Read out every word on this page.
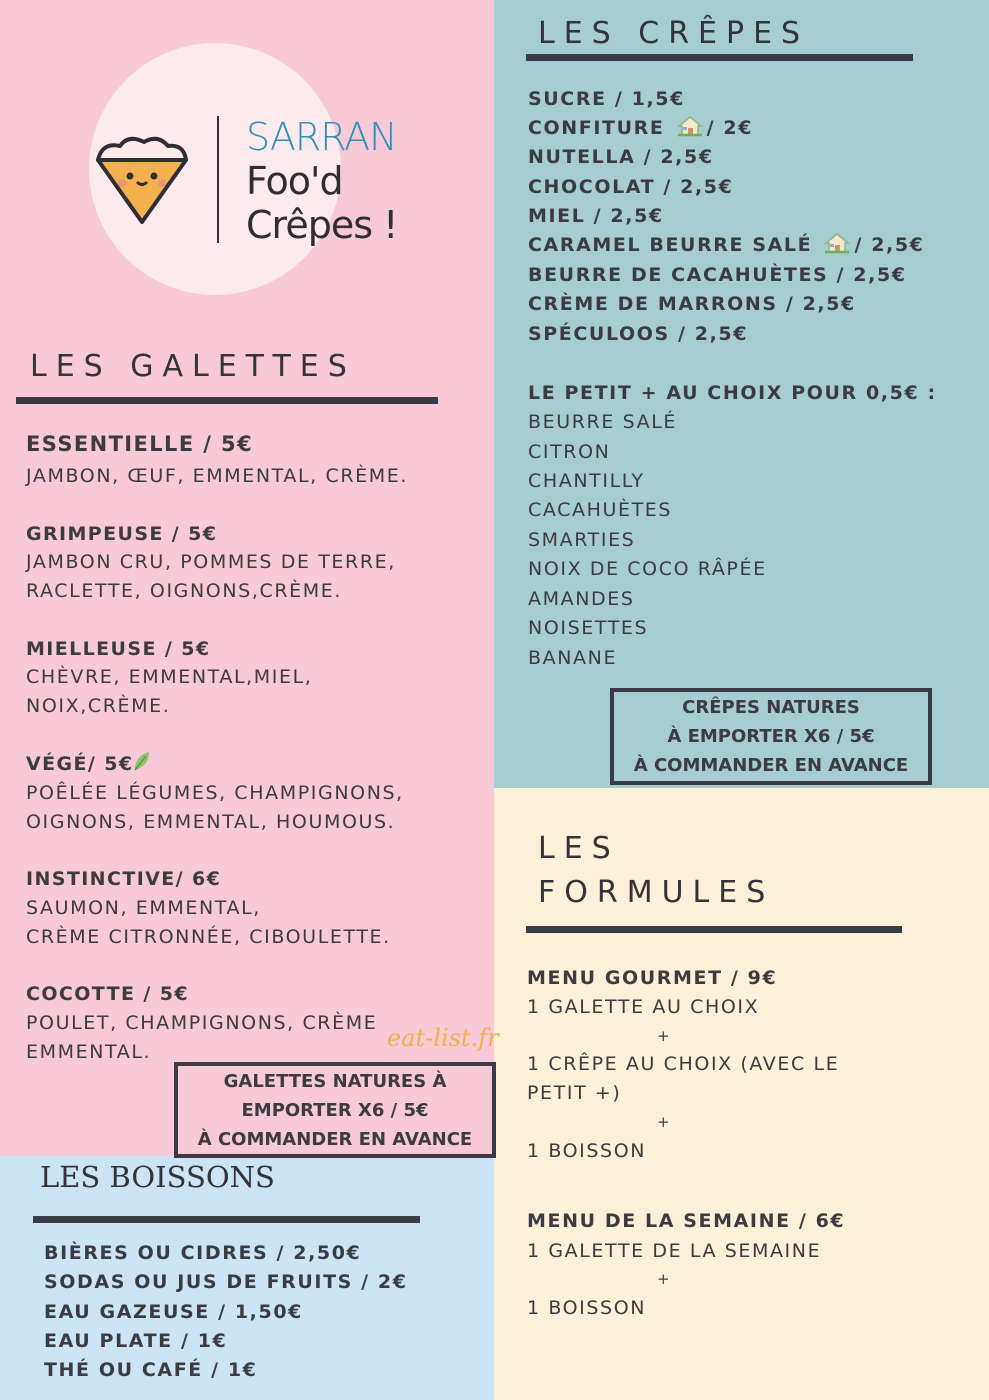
SARRAN
Foo'd
Crêpes !
LES GALETTES
ESSENTIELLE / 5€
JAMBON, ŒUF, EMMENTAL, CRÈME.
GRIMPEUSE / 5€
JAMBON CRU, POMMES DE TERRE,
RACLETTE, OIGNONS,CRÈME.
MIELLEUSE / 5€
CHÈVRE, EMMENTAL,MIEL,
NOIX,CRÈME.
VÉGÉ/ 5€
POÊLÉE LÉGUMES, CHAMPIGNONS,
OIGNONS, EMMENTAL, HOUMOUS.
INSTINCTIVE/ 6€
SAUMON, EMMENTAL,
CRÈME CITRONNÉE, CIBOULETTE.
COCOTTE / 5€
POULET, CHAMPIGNONS, CRÈME
EMMENTAL.
GALETTES NATURES À
EMPORTER X6 / 5€
À COMMANDER EN AVANCE
eat-list.fr
LES CRÊPES
SUCRE / 1,5€
CONFITURE / 2€
NUTELLA / 2,5€
CHOCOLAT / 2,5€
MIEL / 2,5€
CARAMEL BEURRE SALÉ / 2,5€
BEURRE DE CACAHUÈTES / 2,5€
CRÈME DE MARRONS / 2,5€
SPÉCULOOS / 2,5€
LE PETIT + AU CHOIX POUR 0,5€ :
BEURRE SALÉ
CITRON
CHANTILLY
CACAHUÈTES
SMARTIES
NOIX DE COCO RÂPÉE
AMANDES
NOISETTES
BANANE
CRÊPES NATURES
À EMPORTER X6 / 5€
À COMMANDER EN AVANCE
LES
FORMULES
MENU GOURMET / 9€
1 GALETTE AU CHOIX
+
1 CRÊPE AU CHOIX (AVEC LE
PETIT +)
+
1 BOISSON
MENU DE LA SEMAINE / 6€
1 GALETTE DE LA SEMAINE
+
1 BOISSON
LES BOISSONS
BIÈRES OU CIDRES / 2,50€
SODAS OU JUS DE FRUITS / 2€
EAU GAZEUSE / 1,50€
EAU PLATE / 1€
THÉ OU CAFÉ / 1€
